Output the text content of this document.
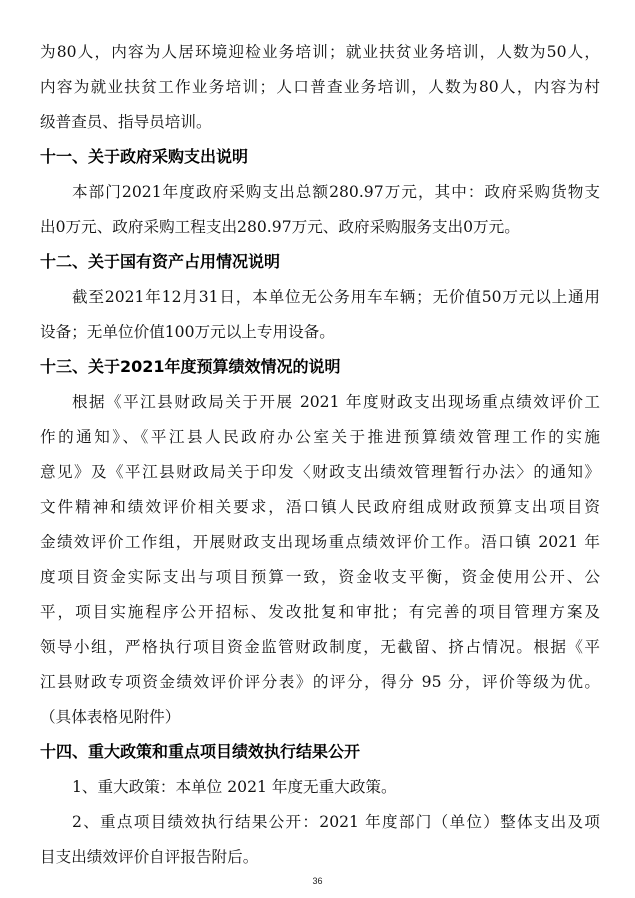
为80人，内容为人居环境迎检业务培训；就业扶贫业务培训，人数为50人，
内容为就业扶贫工作业务培训；人口普查业务培训，人数为80人，内容为村
级普查员、指导员培训。
十一、关于政府采购支出说明
本部门2021年度政府采购支出总额280.97万元，其中：政府采购货物支
出0万元、政府采购工程支出280.97万元、政府采购服务支出0万元。
十二、关于国有资产占用情况说明
截至2021年12月31日，本单位无公务用车车辆；无价值50万元以上通用
设备；无单位价值100万元以上专用设备。
十三、关于2021年度预算绩效情况的说明
根据《平江县财政局关于开展 2021 年度财政支出现场重点绩效评价工
作的通知》、《平江县人民政府办公室关于推进预算绩效管理工作的实施
意见》及《平江县财政局关于印发〈财政支出绩效管理暂行办法〉的通知》
文件精神和绩效评价相关要求，浯口镇人民政府组成财政预算支出项目资
金绩效评价工作组，开展财政支出现场重点绩效评价工作。浯口镇 2021 年
度项目资金实际支出与项目预算一致，资金收支平衡，资金使用公开、公
平，项目实施程序公开招标、发改批复和审批；有完善的项目管理方案及
领导小组，严格执行项目资金监管财政制度，无截留、挤占情况。根据《平
江县财政专项资金绩效评价评分表》的评分，得分 95 分，评价等级为优。
（具体表格见附件）
十四、重大政策和重点项目绩效执行结果公开
1、重大政策：本单位 2021 年度无重大政策。
2、重点项目绩效执行结果公开：2021 年度部门（单位）整体支出及项
目支出绩效评价自评报告附后。
36
